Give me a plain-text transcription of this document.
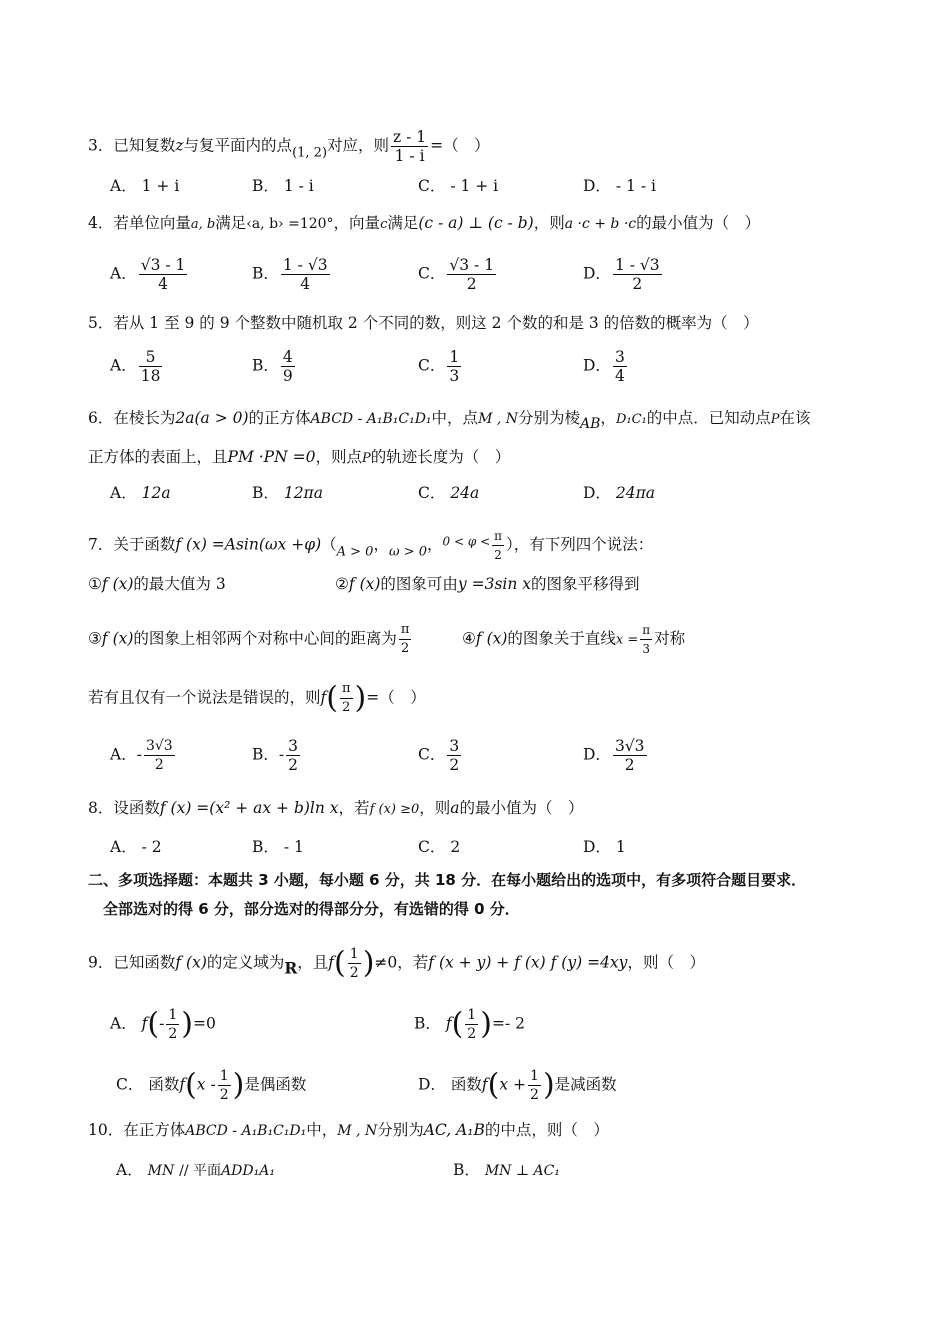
3．已知复数z与复平面内的点$_{(1, 2)}$对应，则 $\frac{z - 1}{1 - i}$ =（　）
A． 1 + i	B． 1 - i	C． - 1 + i	D． - 1 - i
4．若单位向量a, b满足‹a, b› =120°，向量c满足(c - a) ⊥ (c - b)，则a ·c + b ·c的最小值为（　）
A． $\frac{√3 - 1}{4}$	B． $\frac{1 - √3}{4}$	C． $\frac{√3 - 1}{2}$	D． $\frac{1 - √3}{2}$
5．若从 1 至 9 的 9 个整数中随机取 2 个不同的数，则这 2 个数的和是 3 的倍数的概率为（　）
A． $\frac{5}{18}$	B． $\frac{4}{9}$	C． $\frac{1}{3}$	D． $\frac{3}{4}$
6．在棱长为2a(a > 0)的正方体ABCD - A₁B₁C₁D₁中，点M , N分别为棱AB，D₁C₁的中点．已知动点P在该
正方体的表面上，且PM ·PN =0，则点P的轨迹长度为（　）
A． 12a	B． 12πa	C． 24a	D． 24πa
7．关于函数f $(x) =Asin(\omega x +\varphi)(_{A > 0}$，$_{\omega > 0}$，$^{0 < \varphi <} \frac{\pi}{2}$ ），有下列四个说法：
①f (x)的最大值为 3	②f (x)的图象可由y =3sin x的图象平移得到
③f (x)的图象上相邻两个对称中心间的距离为 $\frac{\pi}{2}$	④f (x)的图象关于直线$x = \frac{\pi}{3}$ 对称
若有且仅有一个说法是错误的，则$f( \frac{\pi}{2}$ )=（　）
A．- $\frac{3√3}{2}$	B．- $\frac{3}{2}$	C． $\frac{3}{2}$	D． $\frac{3√3}{2}$
8．设函数f (x) =(x² + ax + b)ln x，若f (x) ≥0，则a的最小值为（　）
A． - 2	B． - 1	C． 2	D． 1
二、多项选择题：本题共 3 小题，每小题 6 分，共 18 分．在每小题给出的选项中，有多项符合题目要求．
全部选对的得 6 分，部分选对的得部分分，有选错的得 0 分．
9．已知函数f (x)的定义域为R，且$f( \frac{1}{2} )\ne 0$，若f (x + y) + f (x) f (y) =4xy，则（　）
A． $f(- \frac{1}{2} )=0$	B． $f( \frac{1}{2}$ )=- 2
C． 函数$f(x - \frac{1}{2}$ )是偶函数	D． 函数$f(x + \frac{1}{2}$ )是减函数
10．在正方体ABCD - A₁B₁C₁D₁中，M , N分别为AC, A₁B的中点，则（　）
A． MN // 平面ADD₁A₁	B． MN ⊥ AC₁
